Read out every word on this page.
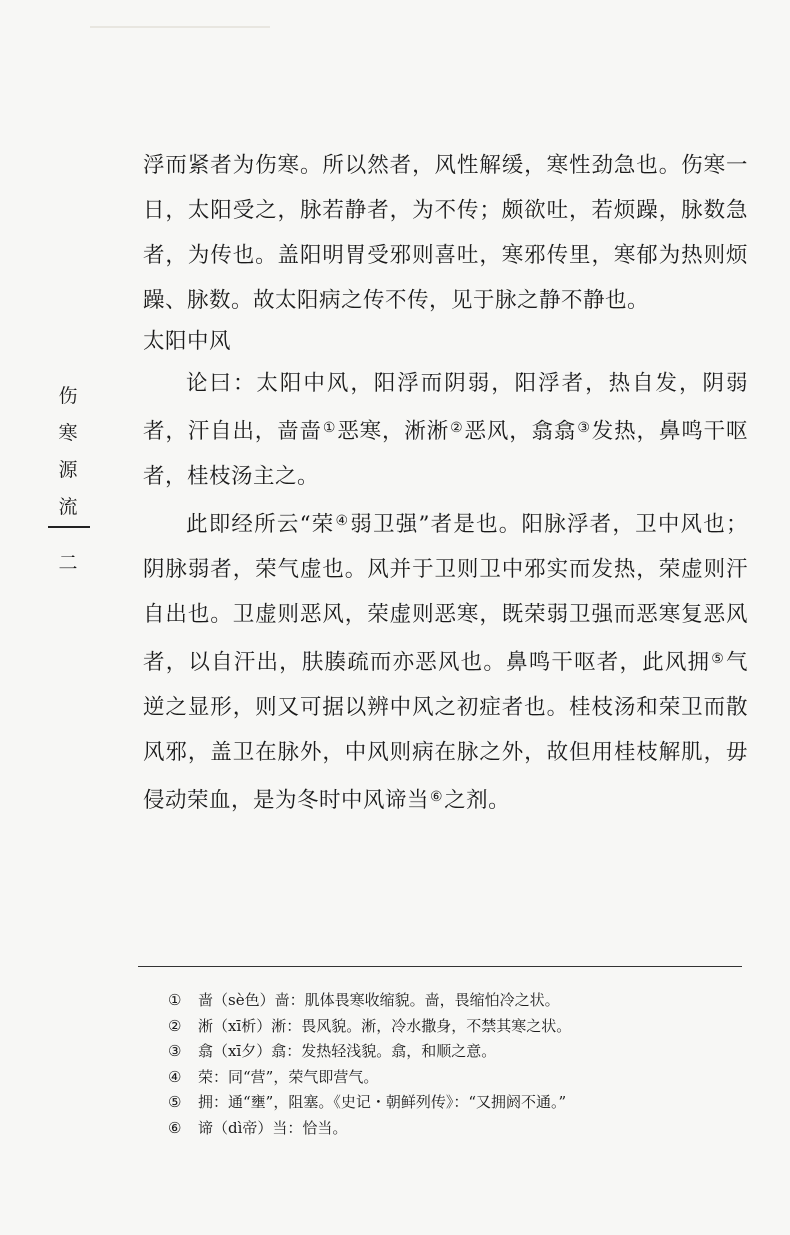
伤
寒
源
流
二

浮而紧者为伤寒。所以然者，风性解缓，寒性劲急也。伤寒一日，太阳受之，脉若静者，为不传；颇欲吐，若烦躁，脉数急者，为传也。盖阳明胃受邪则喜吐，寒邪传里，寒郁为热则烦躁、脉数。故太阳病之传不传，见于脉之静不静也。

太阳中风

论曰：太阳中风，阳浮而阴弱，阳浮者，热自发，阴弱者，汗自出，啬啬①恶寒，淅淅②恶风，翕翕③发热，鼻鸣干呕者，桂枝汤主之。

此即经所云“荣④弱卫强”者是也。阳脉浮者，卫中风也；阴脉弱者，荣气虚也。风并于卫则卫中邪实而发热，荣虚则汗自出也。卫虚则恶风，荣虚则恶寒，既荣弱卫强而恶寒复恶风者，以自汗出，肤腠疏而亦恶风也。鼻鸣干呕者，此风拥⑤气逆之显形，则又可据以辨中风之初症者也。桂枝汤和荣卫而散风邪，盖卫在脉外，中风则病在脉之外，故但用桂枝解肌，毋侵动荣血，是为冬时中风谛当⑥之剂。

①	啬（sè色）啬：肌体畏寒收缩貌。啬，畏缩怕冷之状。
②	淅（xī析）淅：畏风貌。淅，冷水撒身，不禁其寒之状。
③	翕（xī夕）翕：发热轻浅貌。翕，和顺之意。
④	荣：同“营”，荣气即营气。
⑤	拥：通“壅”，阻塞。《史记・朝鲜列传》：“又拥阏不通。”
⑥	谛（dì帝）当：恰当。
